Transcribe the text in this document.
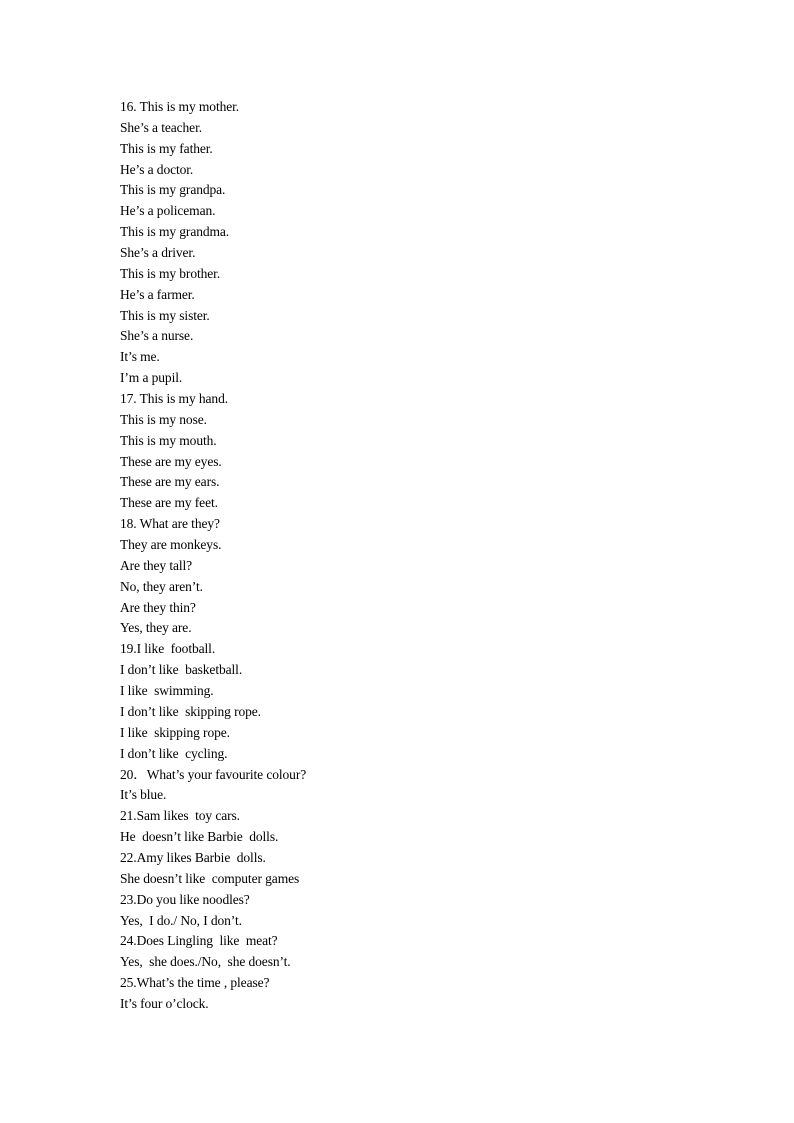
16. This is my mother.
She’s a teacher.
This is my father.
He’s a doctor.
This is my grandpa.
He’s a policeman.
This is my grandma.
She’s a driver.
This is my brother.
He’s a farmer.
This is my sister.
She’s a nurse.
It’s me.
I’m a pupil.
17. This is my hand.
This is my nose.
This is my mouth.
These are my eyes.
These are my ears.
These are my feet.
18. What are they?
They are monkeys.
Are they tall?
No, they aren’t.
Are they thin?
Yes, they are.
19.I like  football.
I don’t like  basketball.
I like  swimming.
I don’t like  skipping rope.
I like  skipping rope.
I don’t like  cycling.
20．What’s your favourite colour?
It’s blue.
21.Sam likes  toy cars.
He  doesn’t like Barbie  dolls.
22.Amy likes Barbie  dolls.
She doesn’t like  computer games
23.Do you like noodles?
Yes,  I do./ No, I don’t.
24.Does Lingling  like  meat?
Yes,  she does./No,  she doesn’t.
25.What’s the time , please?
It’s four o’clock.
